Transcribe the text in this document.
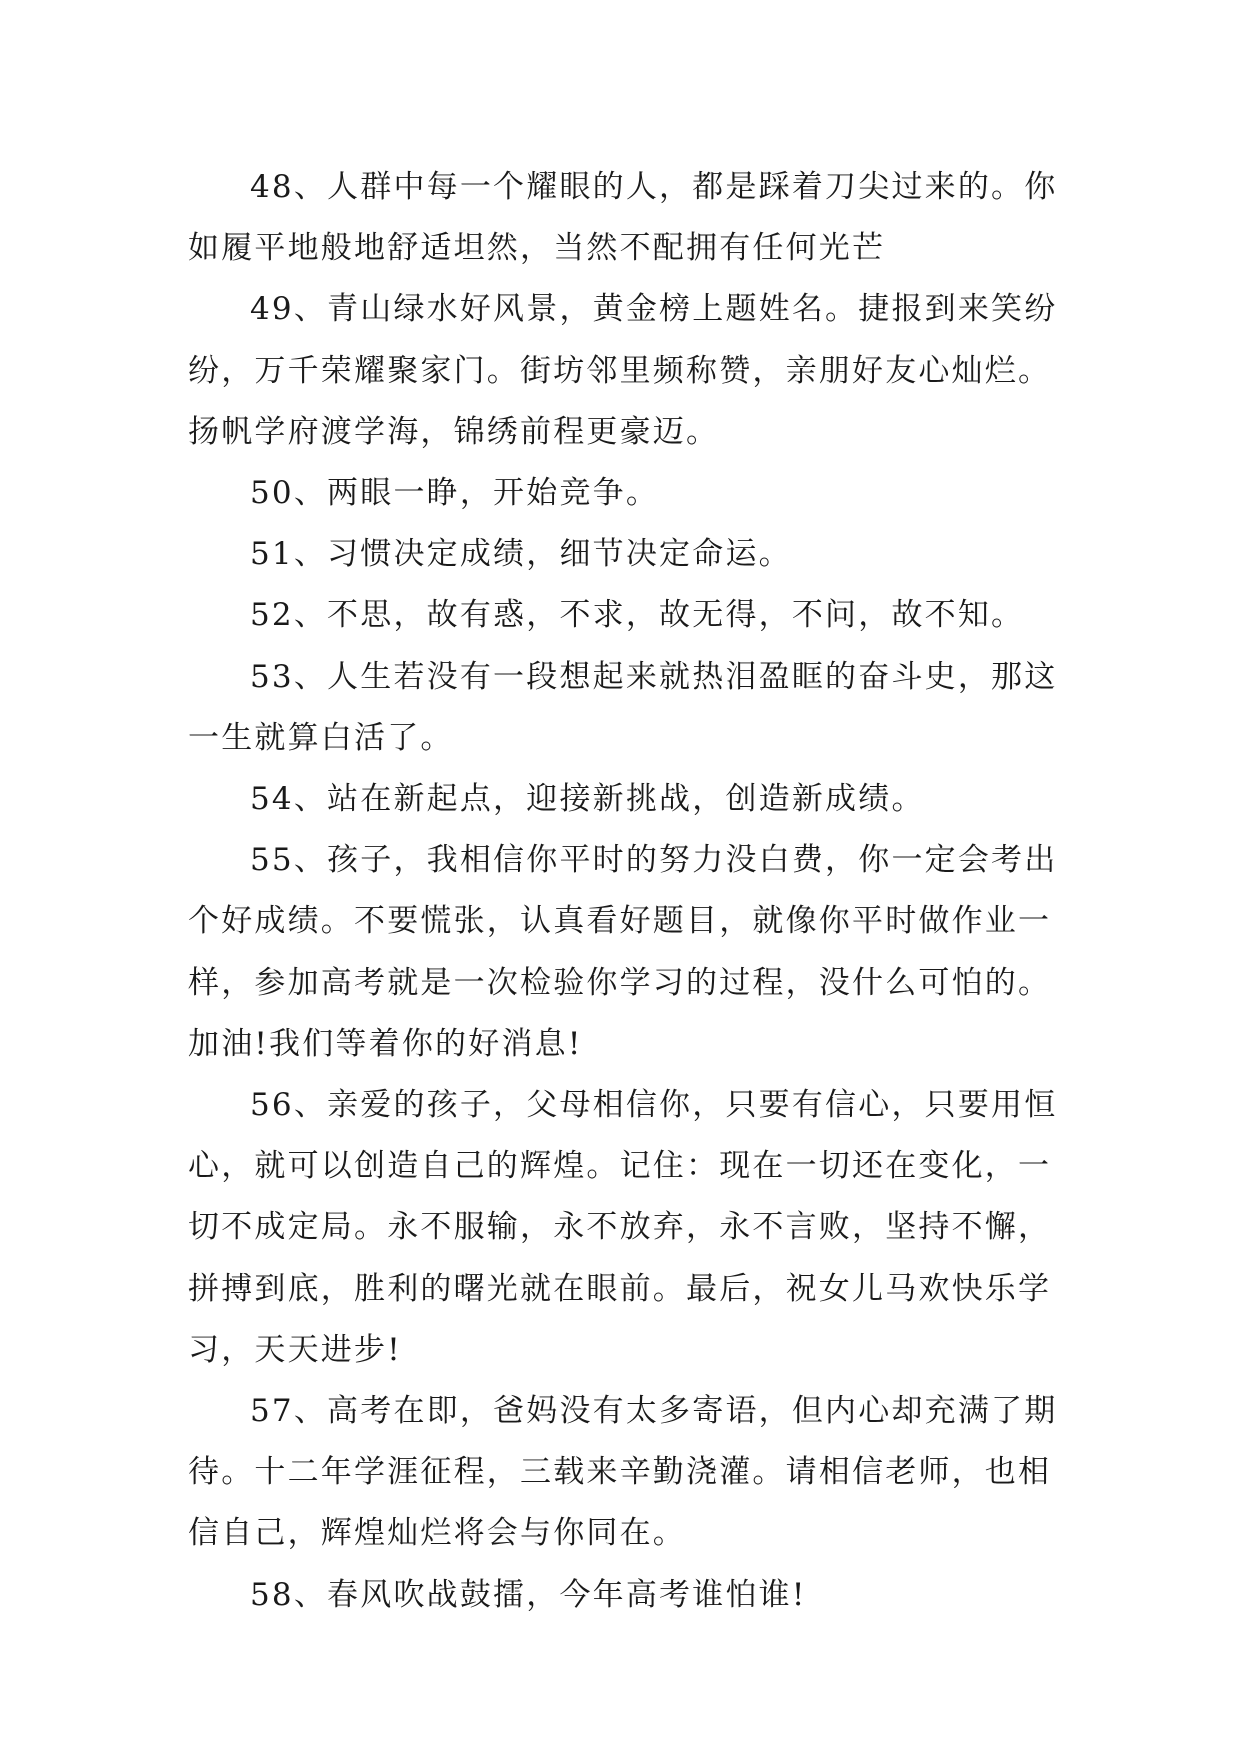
48、人群中每一个耀眼的人，都是踩着刀尖过来的。你
如履平地般地舒适坦然，当然不配拥有任何光芒

49、青山绿水好风景，黄金榜上题姓名。捷报到来笑纷
纷，万千荣耀聚家门。街坊邻里频称赞，亲朋好友心灿烂。
扬帆学府渡学海，锦绣前程更豪迈。

50、两眼一睁，开始竞争。

51、习惯决定成绩，细节决定命运。

52、不思，故有惑，不求，故无得，不问，故不知。

53、人生若没有一段想起来就热泪盈眶的奋斗史，那这
一生就算白活了。

54、站在新起点，迎接新挑战，创造新成绩。

55、孩子，我相信你平时的努力没白费，你一定会考出
个好成绩。不要慌张，认真看好题目，就像你平时做作业一
样，参加高考就是一次检验你学习的过程，没什么可怕的。
加油!我们等着你的好消息!

56、亲爱的孩子，父母相信你，只要有信心，只要用恒
心，就可以创造自己的辉煌。记住：现在一切还在变化，一
切不成定局。永不服输，永不放弃，永不言败，坚持不懈，
拼搏到底，胜利的曙光就在眼前。最后，祝女儿马欢快乐学
习，天天进步!

57、高考在即，爸妈没有太多寄语，但内心却充满了期
待。十二年学涯征程，三载来辛勤浇灌。请相信老师，也相
信自己，辉煌灿烂将会与你同在。

58、春风吹战鼓擂，今年高考谁怕谁!
